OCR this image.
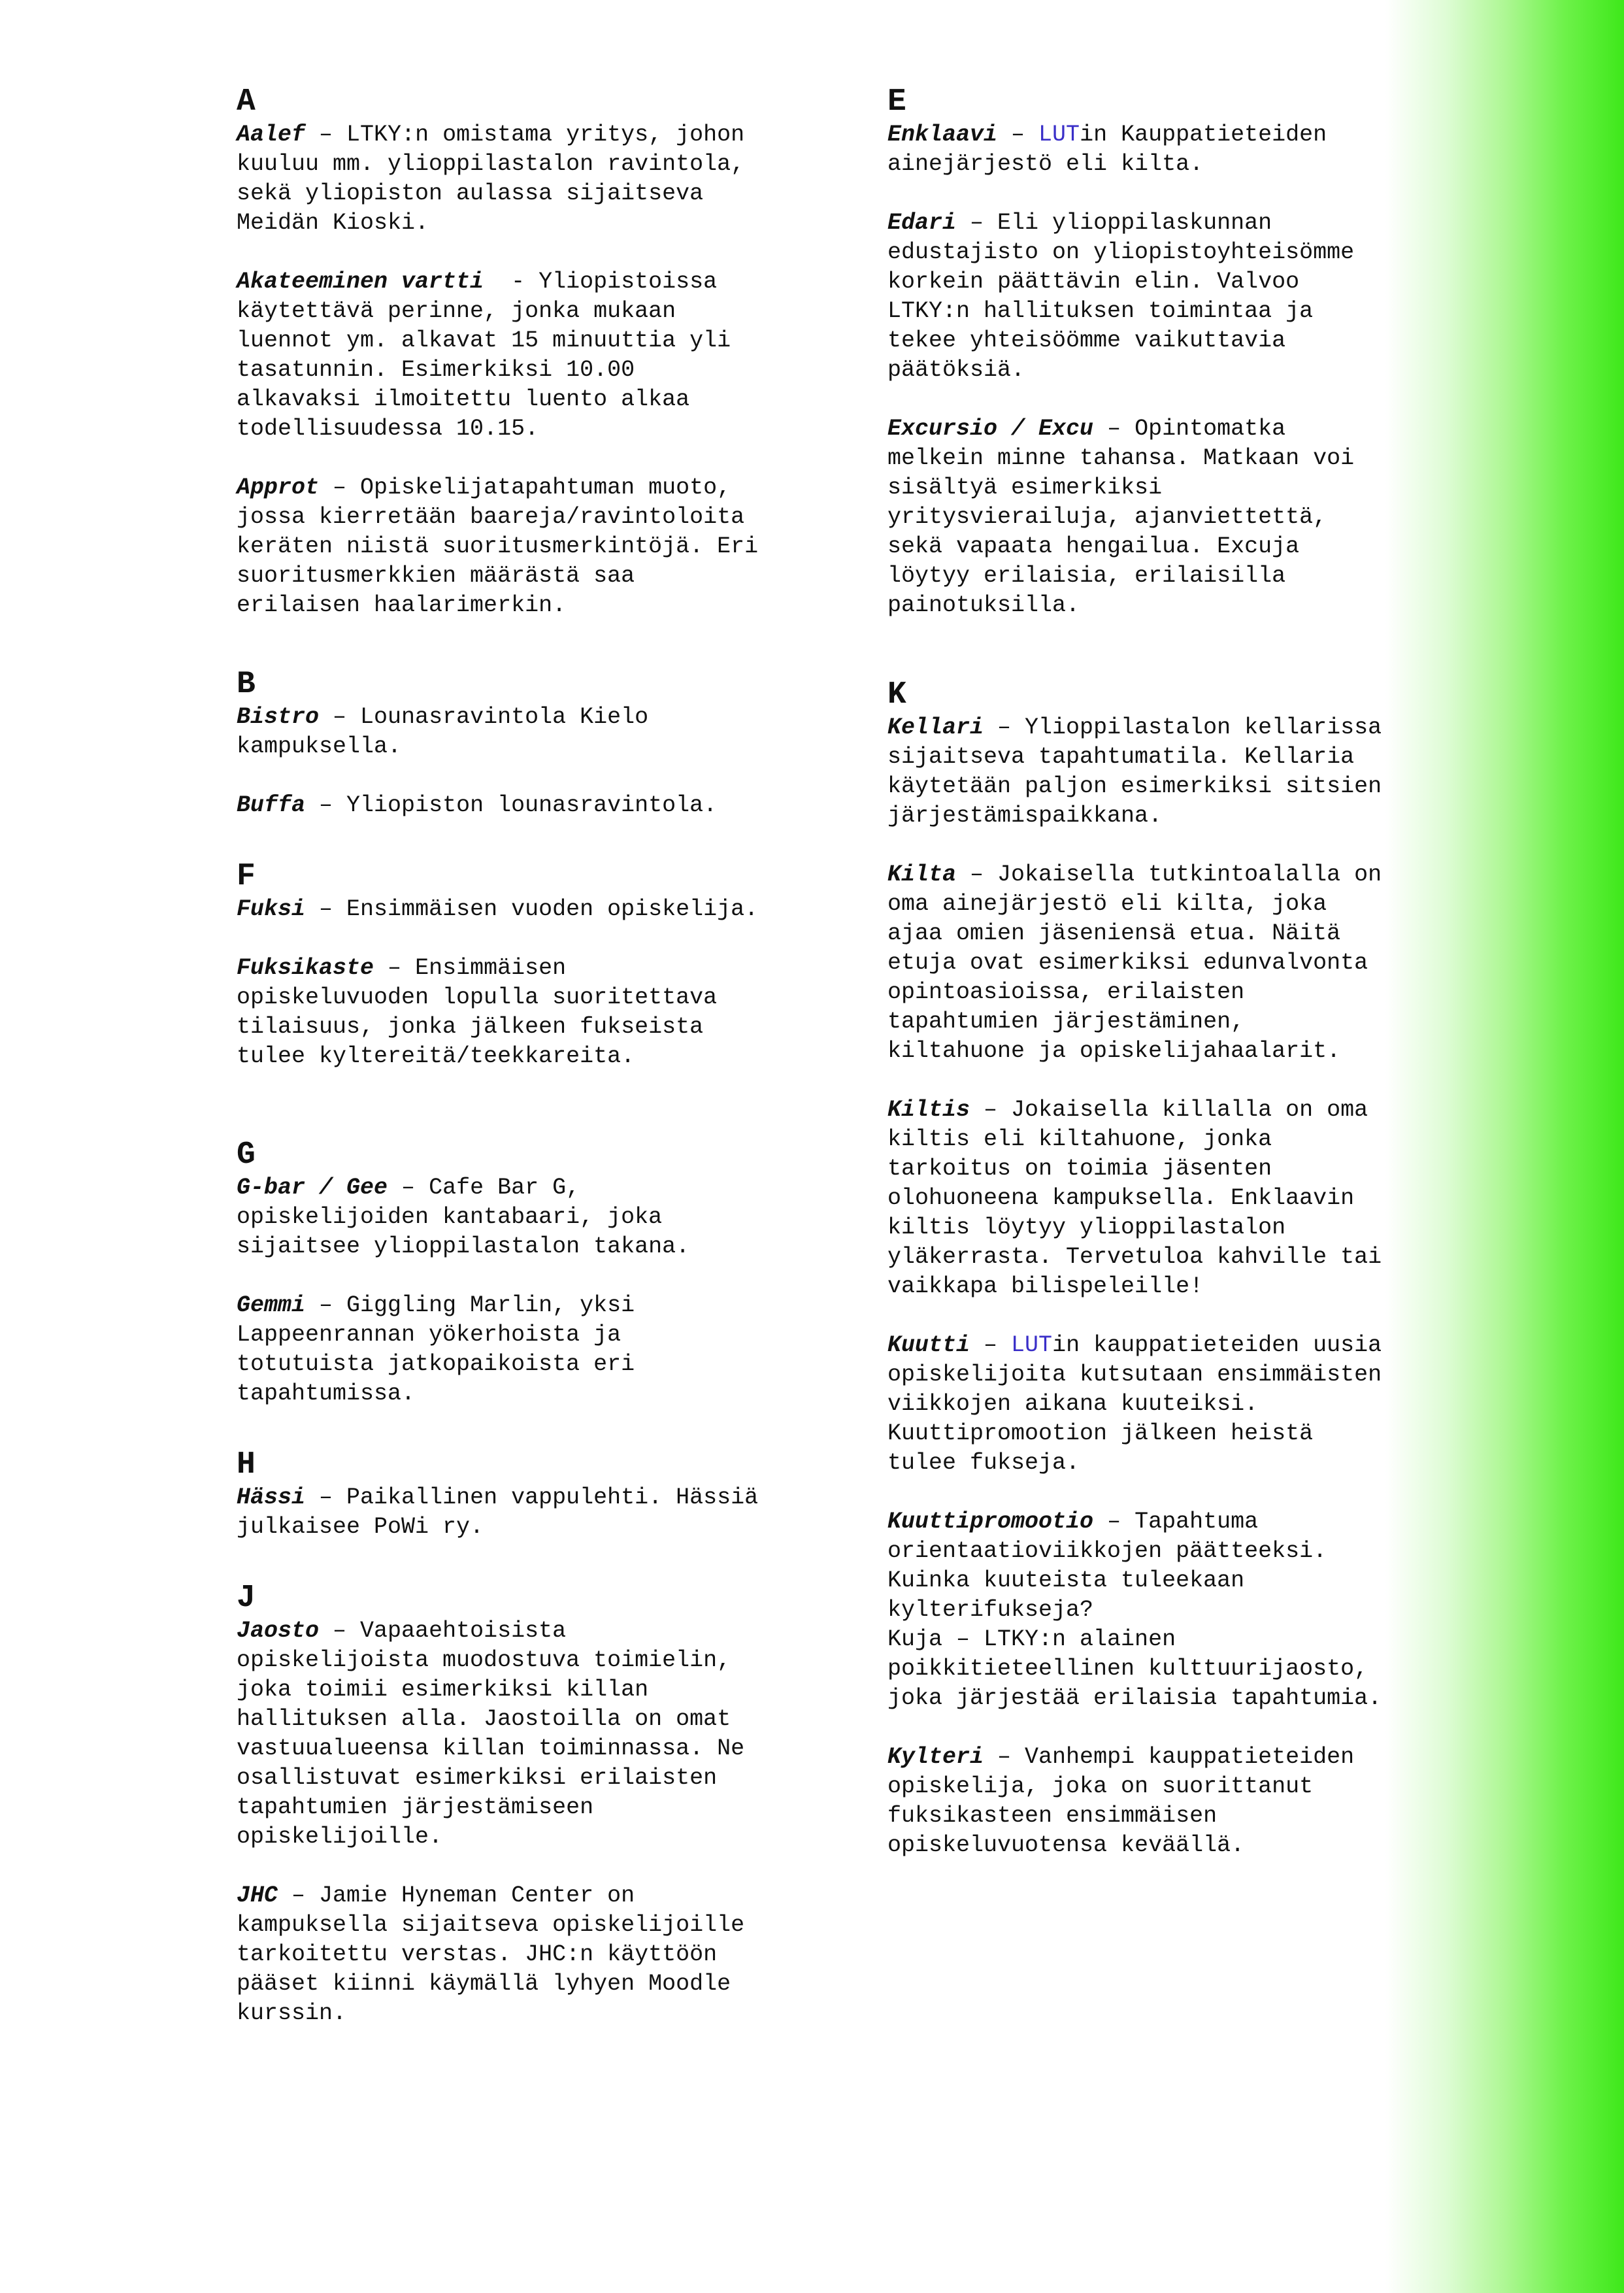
A

Aalef – LTKY:n omistama yritys, johon kuuluu mm. ylioppilastalon ravintola, sekä yliopiston aulassa sijaitseva Meidän Kioski.

Akateeminen vartti  - Yliopistoissa käytettävä perinne, jonka mukaan luennot ym. alkavat 15 minuuttia yli tasatunnin. Esimerkiksi 10.00 alkavaksi ilmoitettu luento alkaa todellisuudessa 10.15.

Approt – Opiskelijatapahtuman muoto, jossa kierretään baareja/ravintoloita keräten niistä suoritusmerkintöjä. Eri suoritusmerkkien määrästä saa erilaisen haalarimerkin.

B

Bistro – Lounasravintola Kielo kampuksella.

Buffa – Yliopiston lounasravintola.

F

Fuksi – Ensimmäisen vuoden opiskelija.

Fuksikaste – Ensimmäisen opiskeluvuoden lopulla suoritettava tilaisuus, jonka jälkeen fukseista tulee kyltereitä/teekkareita.

G

G-bar / Gee – Cafe Bar G, opiskelijoiden kantabaari, joka sijaitsee ylioppilastalon takana.

Gemmi – Giggling Marlin, yksi Lappeenrannan yökerhoista ja totutuista jatkopaikoista eri tapahtumissa.

H

Hässi – Paikallinen vappulehti. Hässiä julkaisee PoWi ry.

J

Jaosto – Vapaaehtoisista opiskelijoista muodostuva toimielin, joka toimii esimerkiksi killan hallituksen alla. Jaostoilla on omat vastuualueensa killan toiminnassa. Ne osallistuvat esimerkiksi erilaisten tapahtumien järjestämiseen opiskelijoille.

JHC – Jamie Hyneman Center on kampuksella sijaitseva opiskelijoille tarkoitettu verstas. JHC:n käyttöön pääset kiinni käymällä lyhyen Moodle kurssin.

E

Enklaavi – LUTin Kauppatieteiden ainejärjestö eli kilta.

Edari – Eli ylioppilaskunnan edustajisto on yliopistoyhteisömme korkein päättävin elin. Valvoo LTKY:n hallituksen toimintaa ja tekee yhteisöömme vaikuttavia päätöksiä.

Excursio / Excu – Opintomatka melkein minne tahansa. Matkaan voi sisältyä esimerkiksi yritysvierailuja, ajanviettettä, sekä vapaata hengailua. Excuja löytyy erilaisia, erilaisilla painotuksilla.

K

Kellari – Ylioppilastalon kellarissa sijaitseva tapahtumatila. Kellaria käytetään paljon esimerkiksi sitsien järjestämispaikkana.

Kilta – Jokaisella tutkintoalalla on oma ainejärjestö eli kilta, joka ajaa omien jäseniensä etua. Näitä etuja ovat esimerkiksi edunvalvonta opintoasioissa, erilaisten tapahtumien järjestäminen, kiltahuone ja opiskelijahaalarit.

Kiltis – Jokaisella killalla on oma kiltis eli kiltahuone, jonka tarkoitus on toimia jäsenten olohuoneena kampuksella. Enklaavin kiltis löytyy ylioppilastalon yläkerrasta. Tervetuloa kahville tai vaikkapa bilispeleille!

Kuutti – LUTin kauppatieteiden uusia opiskelijoita kutsutaan ensimmäisten viikkojen aikana kuuteiksi. Kuuttipromootion jälkeen heistä tulee fukseja.

Kuuttipromootio – Tapahtuma orientaatioviikkojen päätteeksi. Kuinka kuuteista tuleekaan kylterifukseja?
Kuja – LTKY:n alainen poikkitieteellinen kulttuurijaosto, joka järjestää erilaisia tapahtumia.

Kylteri – Vanhempi kauppatieteiden opiskelija, joka on suorittanut fuksikasteen ensimmäisen opiskeluvuotensa keväällä.
